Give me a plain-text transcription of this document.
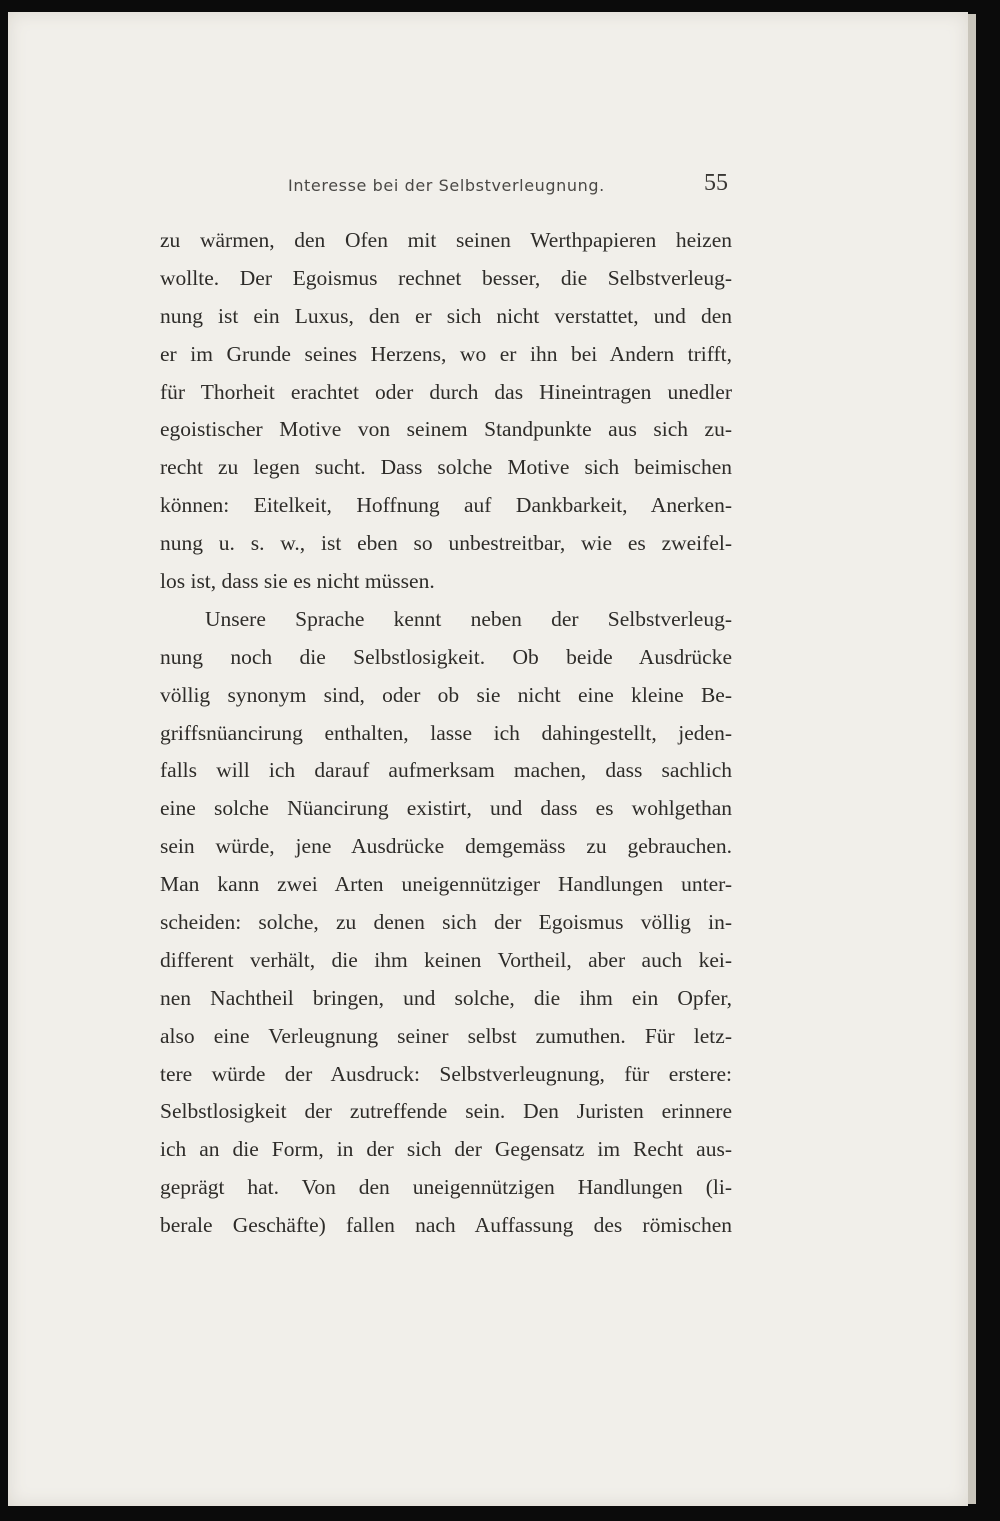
Interesse bei der Selbstverleugnung.	55
zu wärmen, den Ofen mit seinen Werthpapieren heizen
wollte. Der Egoismus rechnet besser, die Selbstverleug-
nung ist ein Luxus, den er sich nicht verstattet, und den
er im Grunde seines Herzens, wo er ihn bei Andern trifft,
für Thorheit erachtet oder durch das Hineintragen unedler
egoistischer Motive von seinem Standpunkte aus sich zu-
recht zu legen sucht. Dass solche Motive sich beimischen
können: Eitelkeit, Hoffnung auf Dankbarkeit, Anerken-
nung u. s. w., ist eben so unbestreitbar, wie es zweifel-
los ist, dass sie es nicht müssen.
Unsere Sprache kennt neben der Selbstverleug-
nung noch die Selbstlosigkeit. Ob beide Ausdrücke
völlig synonym sind, oder ob sie nicht eine kleine Be-
griffsnüancirung enthalten, lasse ich dahingestellt, jeden-
falls will ich darauf aufmerksam machen, dass sachlich
eine solche Nüancirung existirt, und dass es wohlgethan
sein würde, jene Ausdrücke demgemäss zu gebrauchen.
Man kann zwei Arten uneigennütziger Handlungen unter-
scheiden: solche, zu denen sich der Egoismus völlig in-
different verhält, die ihm keinen Vortheil, aber auch kei-
nen Nachtheil bringen, und solche, die ihm ein Opfer,
also eine Verleugnung seiner selbst zumuthen. Für letz-
tere würde der Ausdruck: Selbstverleugnung, für erstere:
Selbstlosigkeit der zutreffende sein. Den Juristen erinnere
ich an die Form, in der sich der Gegensatz im Recht aus-
geprägt hat. Von den uneigennützigen Handlungen (li-
berale Geschäfte) fallen nach Auffassung des römischen
